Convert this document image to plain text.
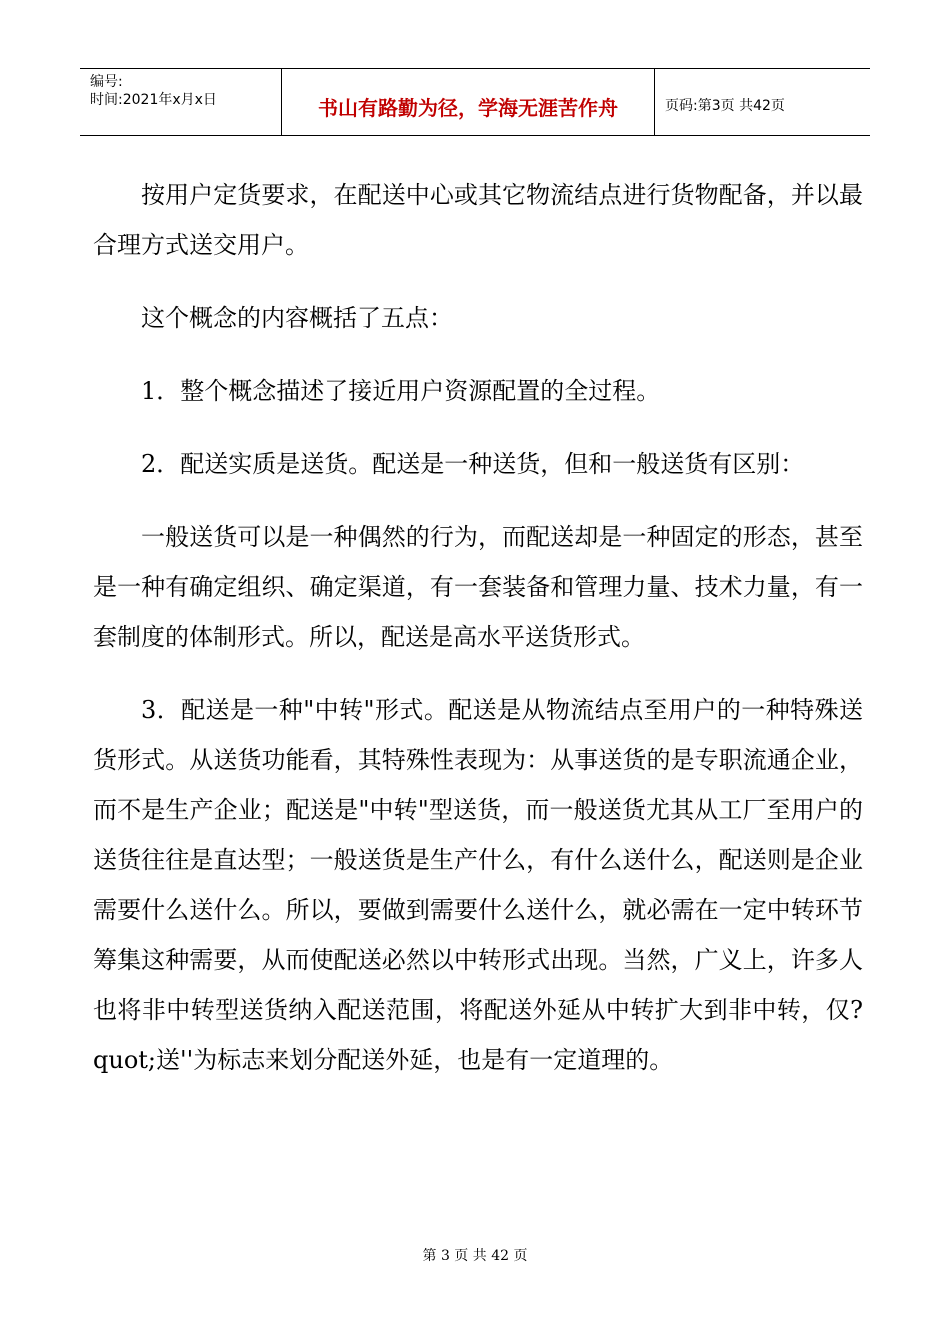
编号:
时间:2021年x月x日	书山有路勤为径，学海无涯苦作舟	页码:第3页 共42页

按用户定货要求，在配送中心或其它物流结点进行货物配备，并以最合理方式送交用户。

这个概念的内容概括了五点：

1．整个概念描述了接近用户资源配置的全过程。

2．配送实质是送货。配送是一种送货，但和一般送货有区别：

一般送货可以是一种偶然的行为，而配送却是一种固定的形态，甚至是一种有确定组织、确定渠道，有一套装备和管理力量、技术力量，有一套制度的体制形式。所以，配送是高水平送货形式。

3．配送是一种"中转"形式。配送是从物流结点至用户的一种特殊送货形式。从送货功能看，其特殊性表现为：从事送货的是专职流通企业，而不是生产企业；配送是"中转"型送货，而一般送货尤其从工厂至用户的送货往往是直达型；一般送货是生产什么，有什么送什么，配送则是企业需要什么送什么。所以，要做到需要什么送什么，就必需在一定中转环节筹集这种需要，从而使配送必然以中转形式出现。当然，广义上，许多人也将非中转型送货纳入配送范围，将配送外延从中转扩大到非中转，仅?quot;送''为标志来划分配送外延，也是有一定道理的。

第 3 页 共 42 页
